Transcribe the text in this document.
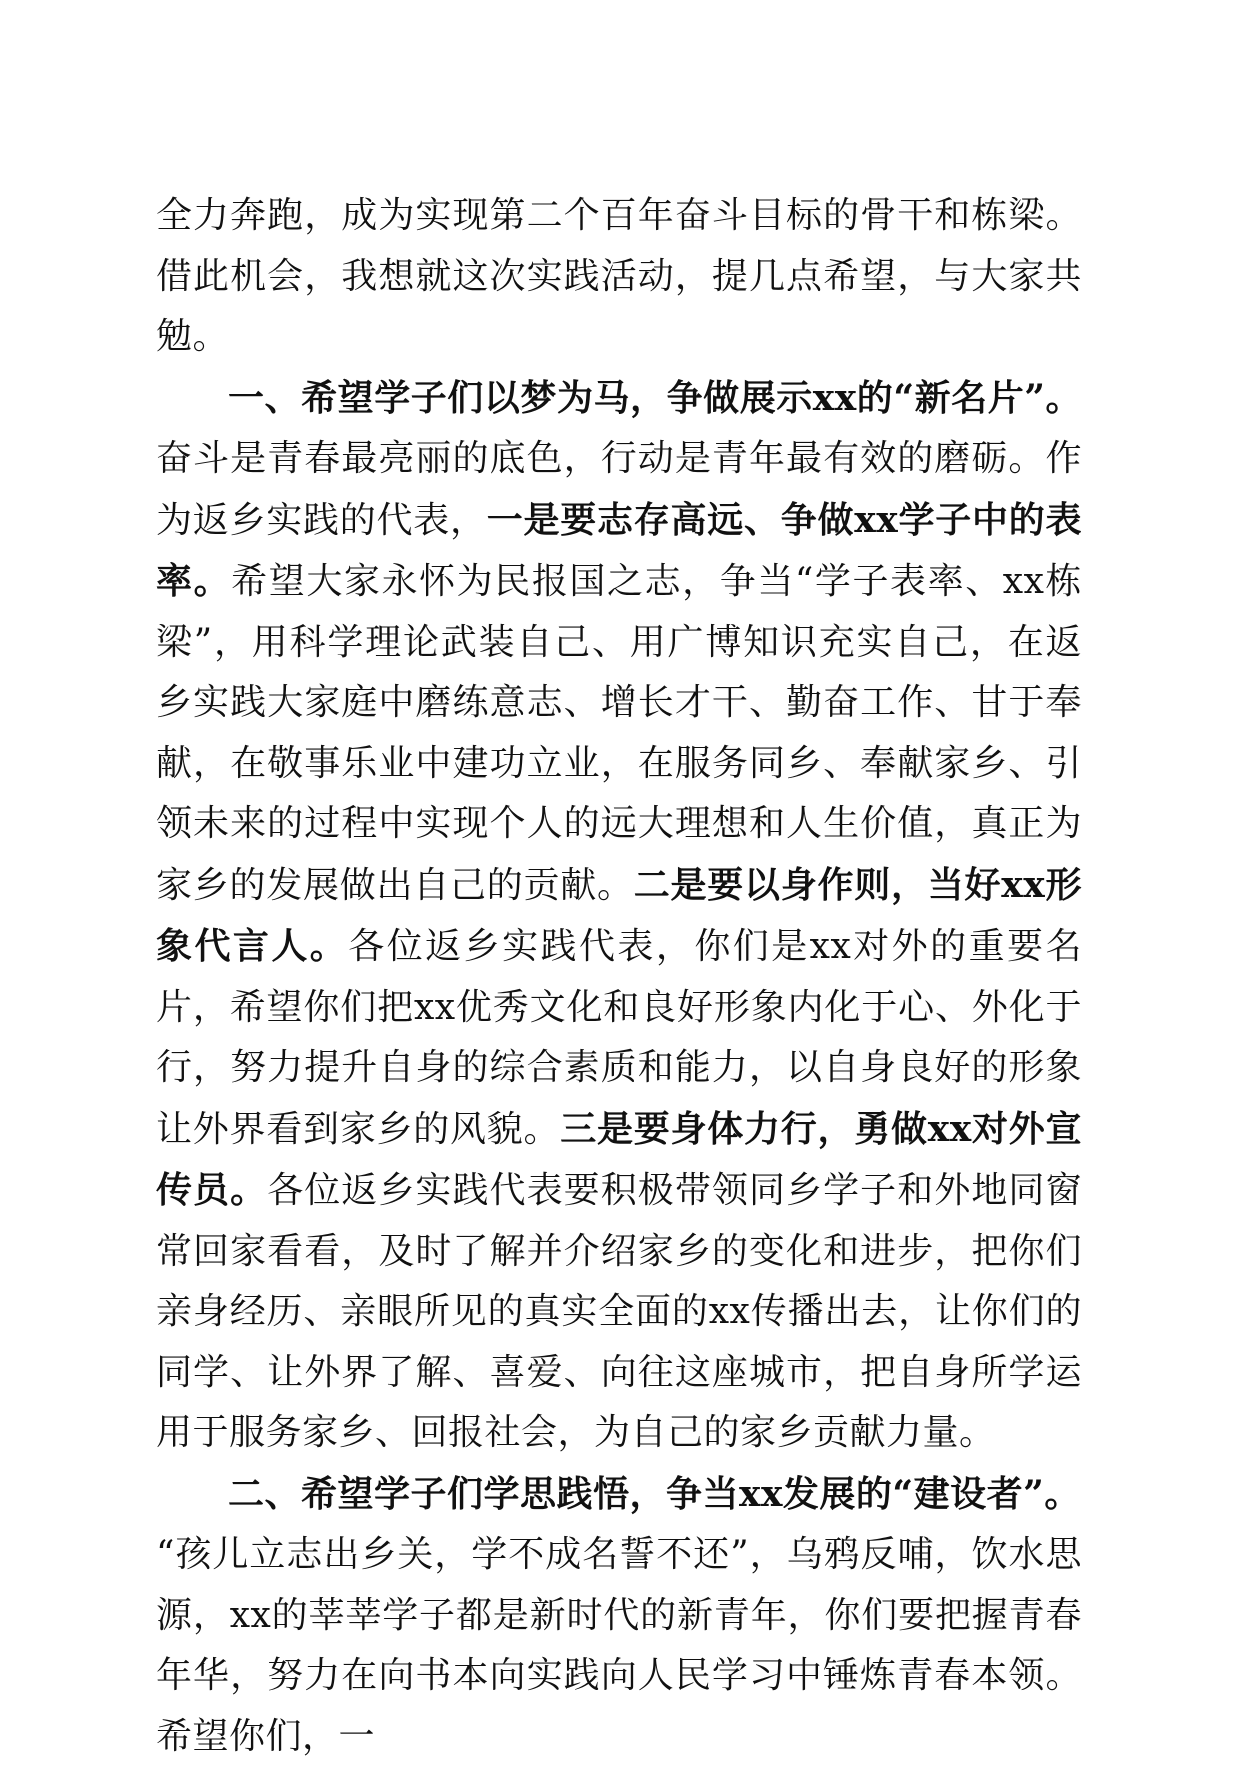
全力奔跑，成为实现第二个百年奋斗目标的骨干和栋梁。借此机会，我想就这次实践活动，提几点希望，与大家共勉。

一、希望学子们以梦为马，争做展示xx的“新名片”。奋斗是青春最亮丽的底色，行动是青年最有效的磨砺。作为返乡实践的代表，一是要志存高远、争做xx学子中的表率。希望大家永怀为民报国之志，争当“学子表率、xx栋梁”，用科学理论武装自己、用广博知识充实自己，在返乡实践大家庭中磨练意志、增长才干、勤奋工作、甘于奉献，在敬事乐业中建功立业，在服务同乡、奉献家乡、引领未来的过程中实现个人的远大理想和人生价值，真正为家乡的发展做出自己的贡献。二是要以身作则，当好xx形象代言人。各位返乡实践代表，你们是xx对外的重要名片，希望你们把xx优秀文化和良好形象内化于心、外化于行，努力提升自身的综合素质和能力，以自身良好的形象让外界看到家乡的风貌。三是要身体力行，勇做xx对外宣传员。各位返乡实践代表要积极带领同乡学子和外地同窗常回家看看，及时了解并介绍家乡的变化和进步，把你们亲身经历、亲眼所见的真实全面的xx传播出去，让你们的同学、让外界了解、喜爱、向往这座城市，把自身所学运用于服务家乡、回报社会，为自己的家乡贡献力量。

二、希望学子们学思践悟，争当xx发展的“建设者”。

“孩儿立志出乡关，学不成名誓不还”，乌鸦反哺，饮水思源，xx的莘莘学子都是新时代的新青年，你们要把握青春年华，努力在向书本向实践向人民学习中锤炼青春本领。希望你们，一
